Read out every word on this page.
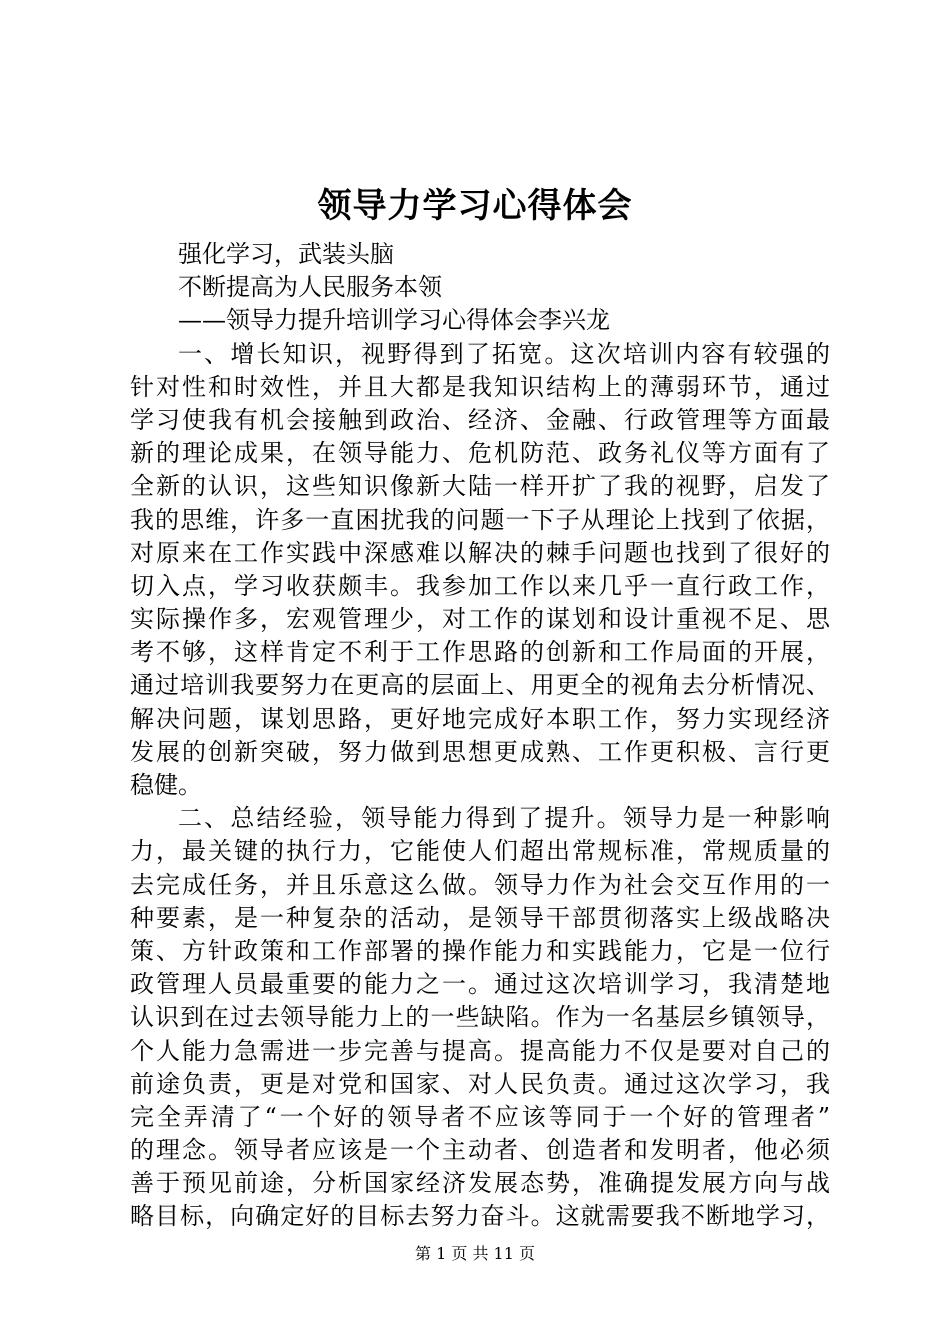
领导力学习心得体会
强化学习，武装头脑
不断提高为人民服务本领
——领导力提升培训学习心得体会李兴龙
一、增长知识，视野得到了拓宽。这次培训内容有较强的
针对性和时效性，并且大都是我知识结构上的薄弱环节，通过
学习使我有机会接触到政治、经济、金融、行政管理等方面最
新的理论成果，在领导能力、危机防范、政务礼仪等方面有了
全新的认识，这些知识像新大陆一样开扩了我的视野，启发了
我的思维，许多一直困扰我的问题一下子从理论上找到了依据，
对原来在工作实践中深感难以解决的棘手问题也找到了很好的
切入点，学习收获颇丰。我参加工作以来几乎一直行政工作，
实际操作多，宏观管理少，对工作的谋划和设计重视不足、思
考不够，这样肯定不利于工作思路的创新和工作局面的开展，
通过培训我要努力在更高的层面上、用更全的视角去分析情况、
解决问题，谋划思路，更好地完成好本职工作，努力实现经济
发展的创新突破，努力做到思想更成熟、工作更积极、言行更
稳健。
二、总结经验，领导能力得到了提升。领导力是一种影响
力，最关键的执行力，它能使人们超出常规标准，常规质量的
去完成任务，并且乐意这么做。领导力作为社会交互作用的一
种要素，是一种复杂的活动，是领导干部贯彻落实上级战略决
策、方针政策和工作部署的操作能力和实践能力，它是一位行
政管理人员最重要的能力之一。通过这次培训学习，我清楚地
认识到在过去领导能力上的一些缺陷。作为一名基层乡镇领导，
个人能力急需进一步完善与提高。提高能力不仅是要对自己的
前途负责，更是对党和国家、对人民负责。通过这次学习，我
完全弄清了“一个好的领导者不应该等同于一个好的管理者”
的理念。领导者应该是一个主动者、创造者和发明者，他必须
善于预见前途，分析国家经济发展态势，准确提发展方向与战
略目标，向确定好的目标去努力奋斗。这就需要我不断地学习，
第 1 页 共 11 页
